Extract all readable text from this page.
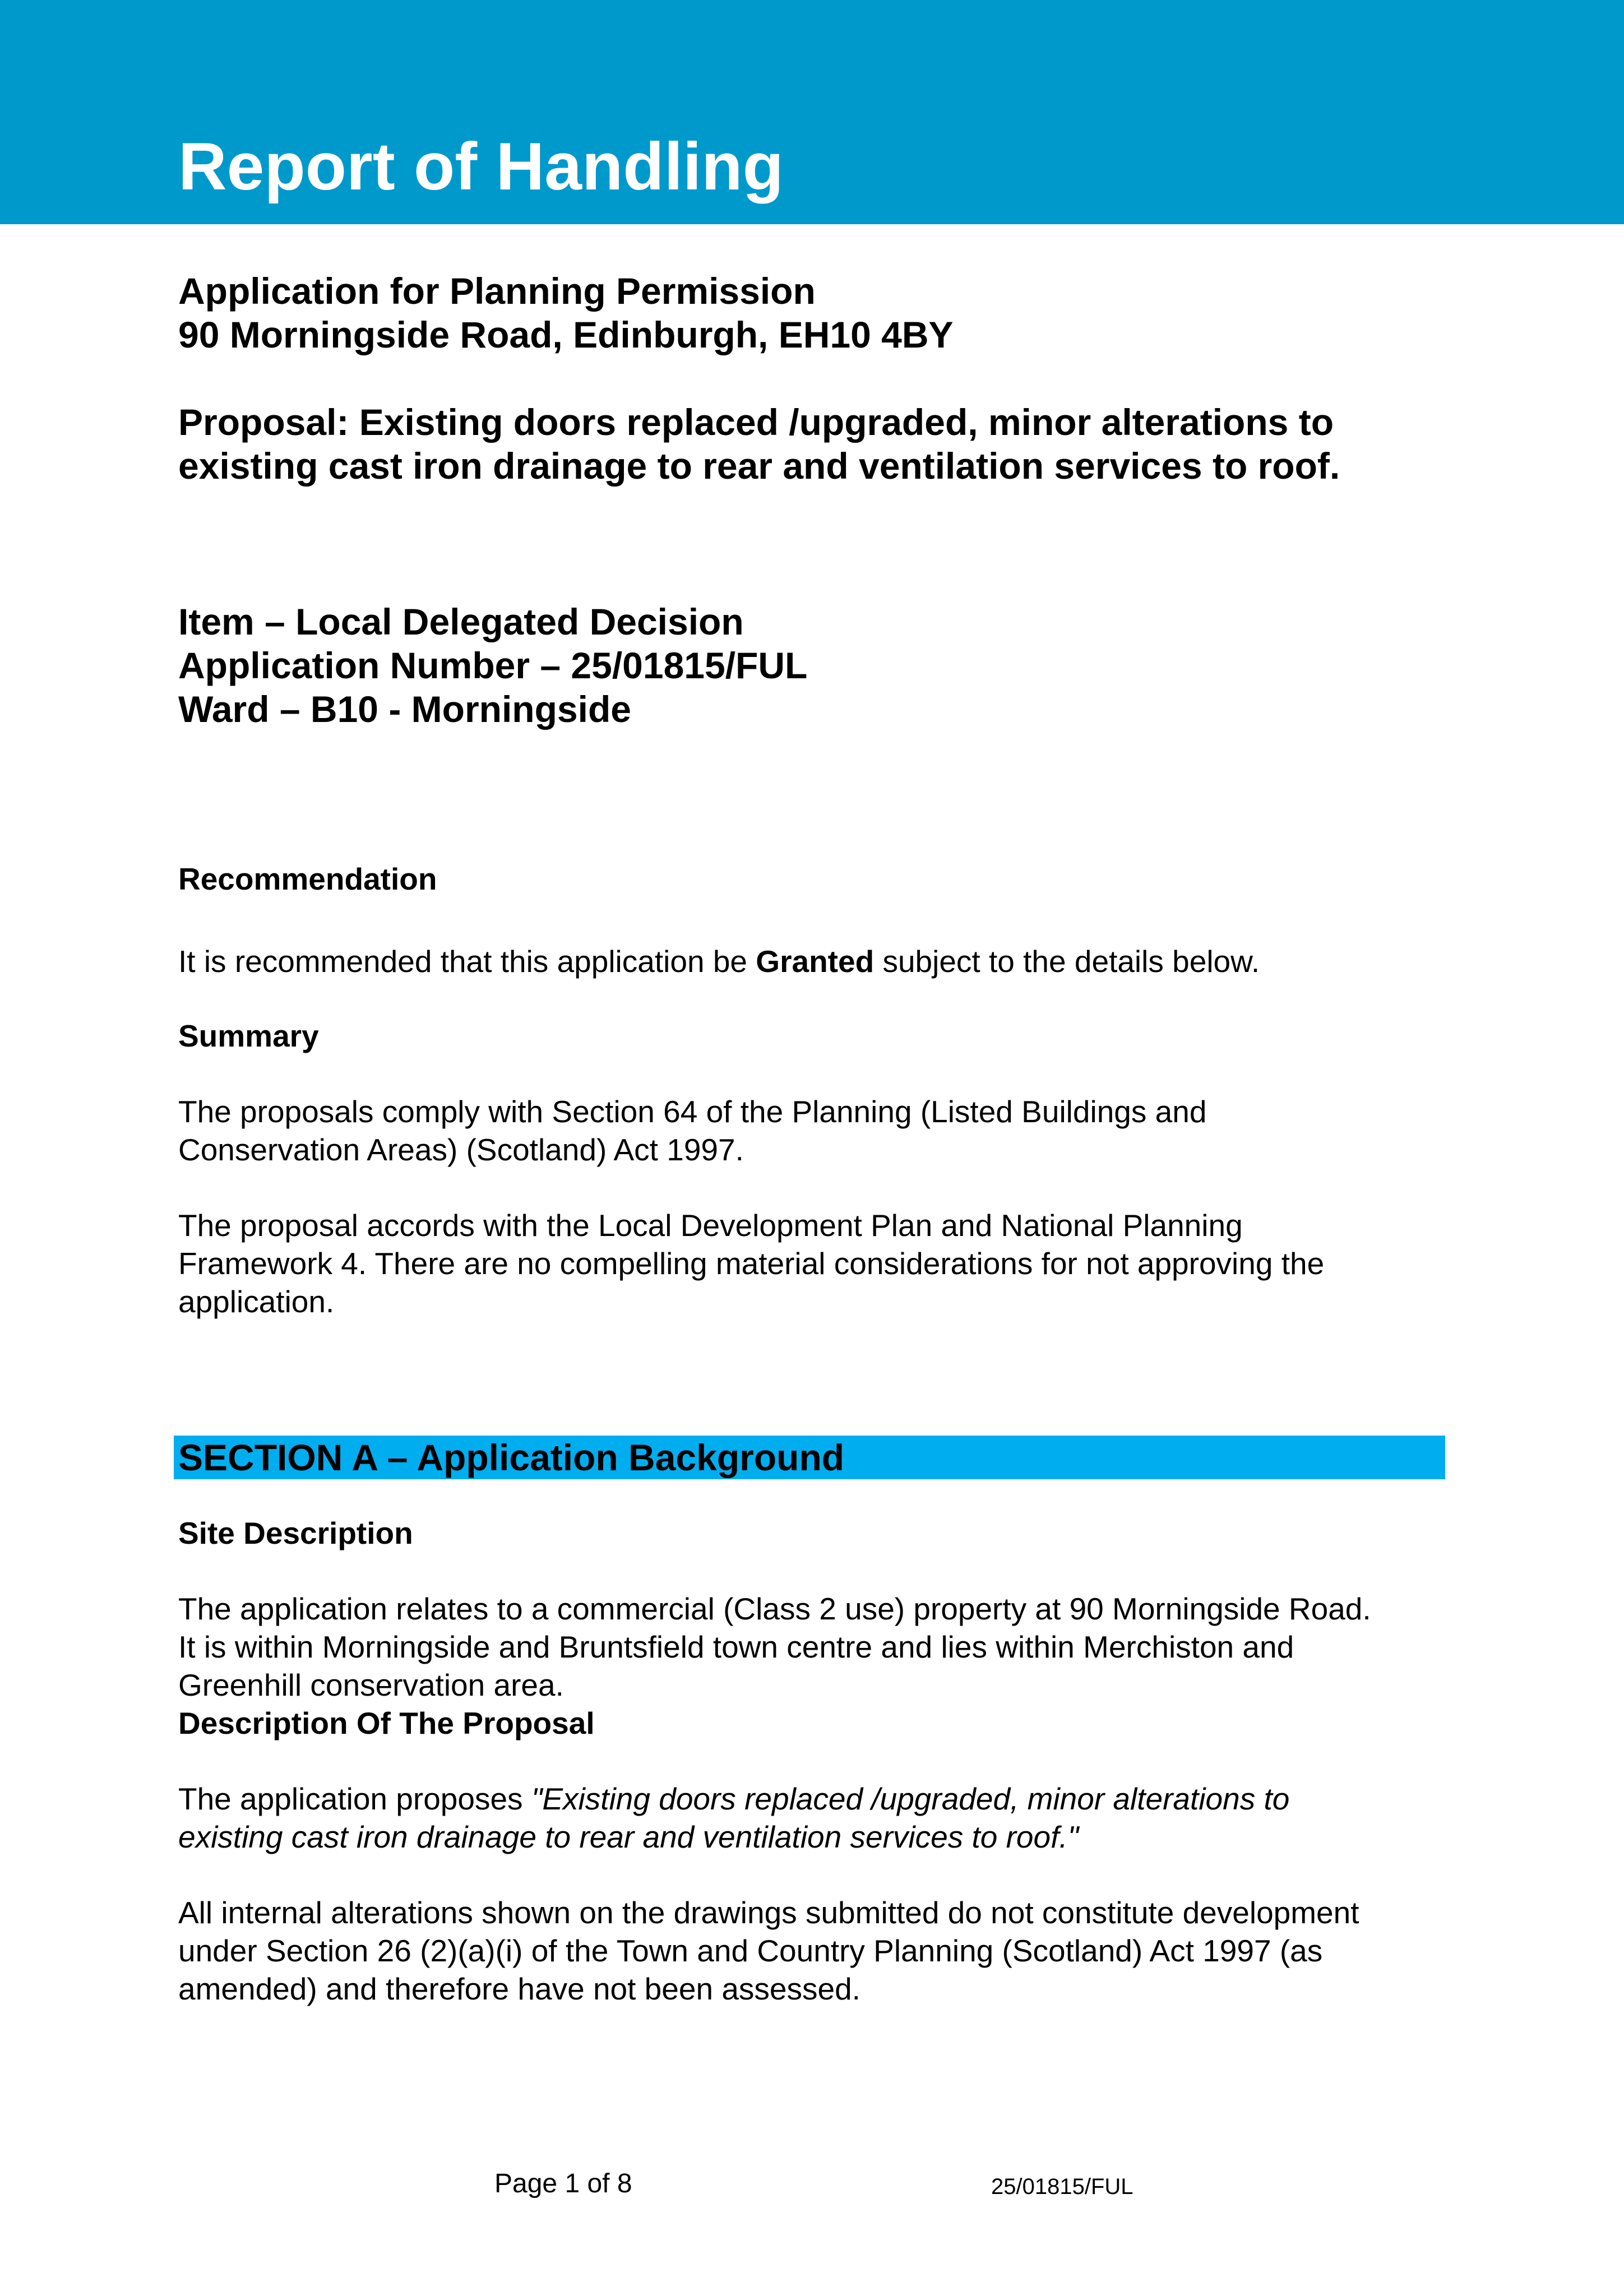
Report of Handling

Application for Planning Permission

90 Morningside Road, Edinburgh, EH10 4BY

Proposal: Existing doors replaced /upgraded, minor alterations to

existing cast iron drainage to rear and ventilation services to roof.

Item – Local Delegated Decision

Application Number – 25/01815/FUL

Ward – B10 - Morningside

Recommendation

It is recommended that this application be Granted subject to the details below.

Summary

The proposals comply with Section 64 of the Planning (Listed Buildings and

Conservation Areas) (Scotland) Act 1997.

The proposal accords with the Local Development Plan and National Planning

Framework 4. There are no compelling material considerations for not approving the

application.

SECTION A – Application Background

Site Description

The application relates to a commercial (Class 2 use) property at 90 Morningside Road.

It is within Morningside and Bruntsfield town centre and lies within Merchiston and

Greenhill conservation area.

Description Of The Proposal

The application proposes "Existing doors replaced /upgraded, minor alterations to

existing cast iron drainage to rear and ventilation services to roof."

All internal alterations shown on the drawings submitted do not constitute development

under Section 26 (2)(a)(i) of the Town and Country Planning (Scotland) Act 1997 (as

amended) and therefore have not been assessed.

Page 1 of 8	25/01815/FUL
